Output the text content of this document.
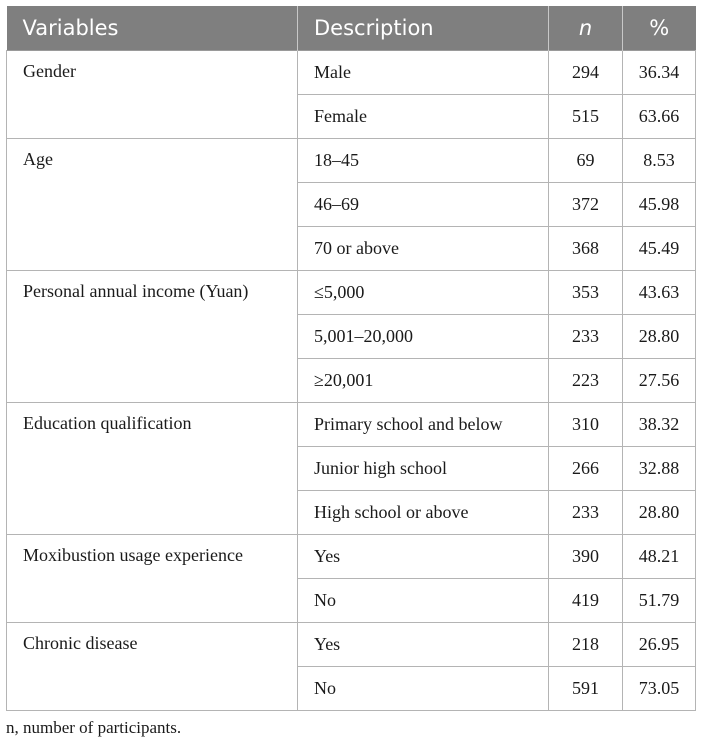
Variables	Description	n	%
Gender	Male	294	36.34
	Female	515	63.66
Age	18–45	69	8.53
	46–69	372	45.98
	70 or above	368	45.49
Personal annual income (Yuan)	≤5,000	353	43.63
	5,001–20,000	233	28.80
	≥20,001	223	27.56
Education qualification	Primary school and below	310	38.32
	Junior high school	266	32.88
	High school or above	233	28.80
Moxibustion usage experience	Yes	390	48.21
	No	419	51.79
Chronic disease	Yes	218	26.95
	No	591	73.05
n, number of participants.
